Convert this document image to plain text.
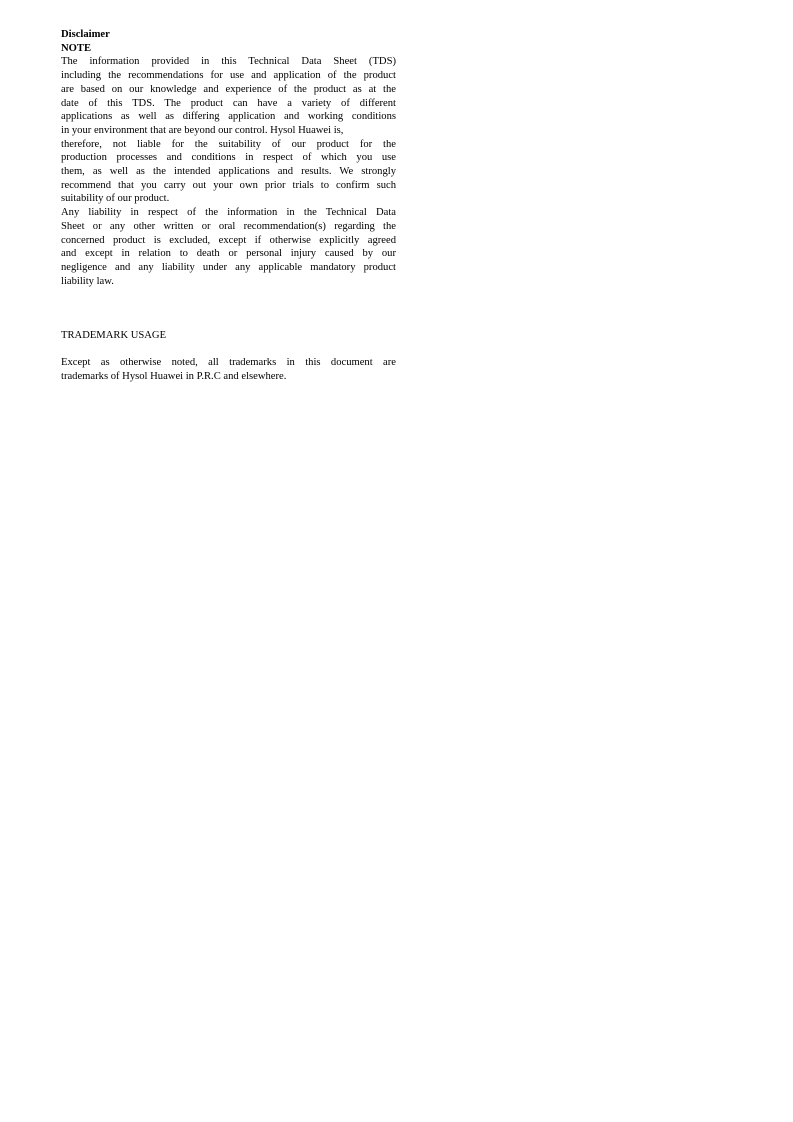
Disclaimer

NOTE

The information provided in this Technical Data Sheet (TDS)
including the recommendations for use and application of the product
are based on our knowledge and experience of the product as at the
date of this TDS. The product can have a variety of different
applications as well as differing application and working conditions
in your environment that are beyond our control. Hysol Huawei is,
therefore, not liable for the suitability of our product for the
production processes and conditions in respect of which you use
them, as well as the intended applications and results. We strongly
recommend that you carry out your own prior trials to confirm such
suitability of our product.

Any liability in respect of the information in the Technical Data
Sheet or any other written or oral recommendation(s) regarding the
concerned product is excluded, except if otherwise explicitly agreed
and except in relation to death or personal injury caused by our
negligence and any liability under any applicable mandatory product
liability law.

TRADEMARK USAGE

Except as otherwise noted, all trademarks in this document are
trademarks of Hysol Huawei in P.R.C and elsewhere.
